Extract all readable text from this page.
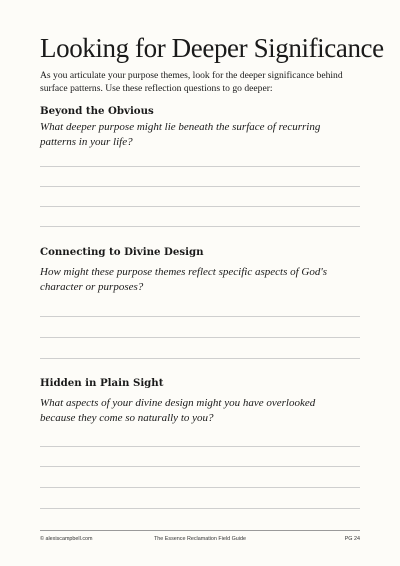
Looking for Deeper Significance

As you articulate your purpose themes, look for the deeper significance behind surface patterns. Use these reflection questions to go deeper:

Beyond the Obvious

What deeper purpose might lie beneath the surface of recurring patterns in your life?

Connecting to Divine Design

How might these purpose themes reflect specific aspects of God's character or purposes?

Hidden in Plain Sight

What aspects of your divine design might you have overlooked because they come so naturally to you?

© alexiscampbell.com	The Essence Reclamation Field Guide	PG 24
